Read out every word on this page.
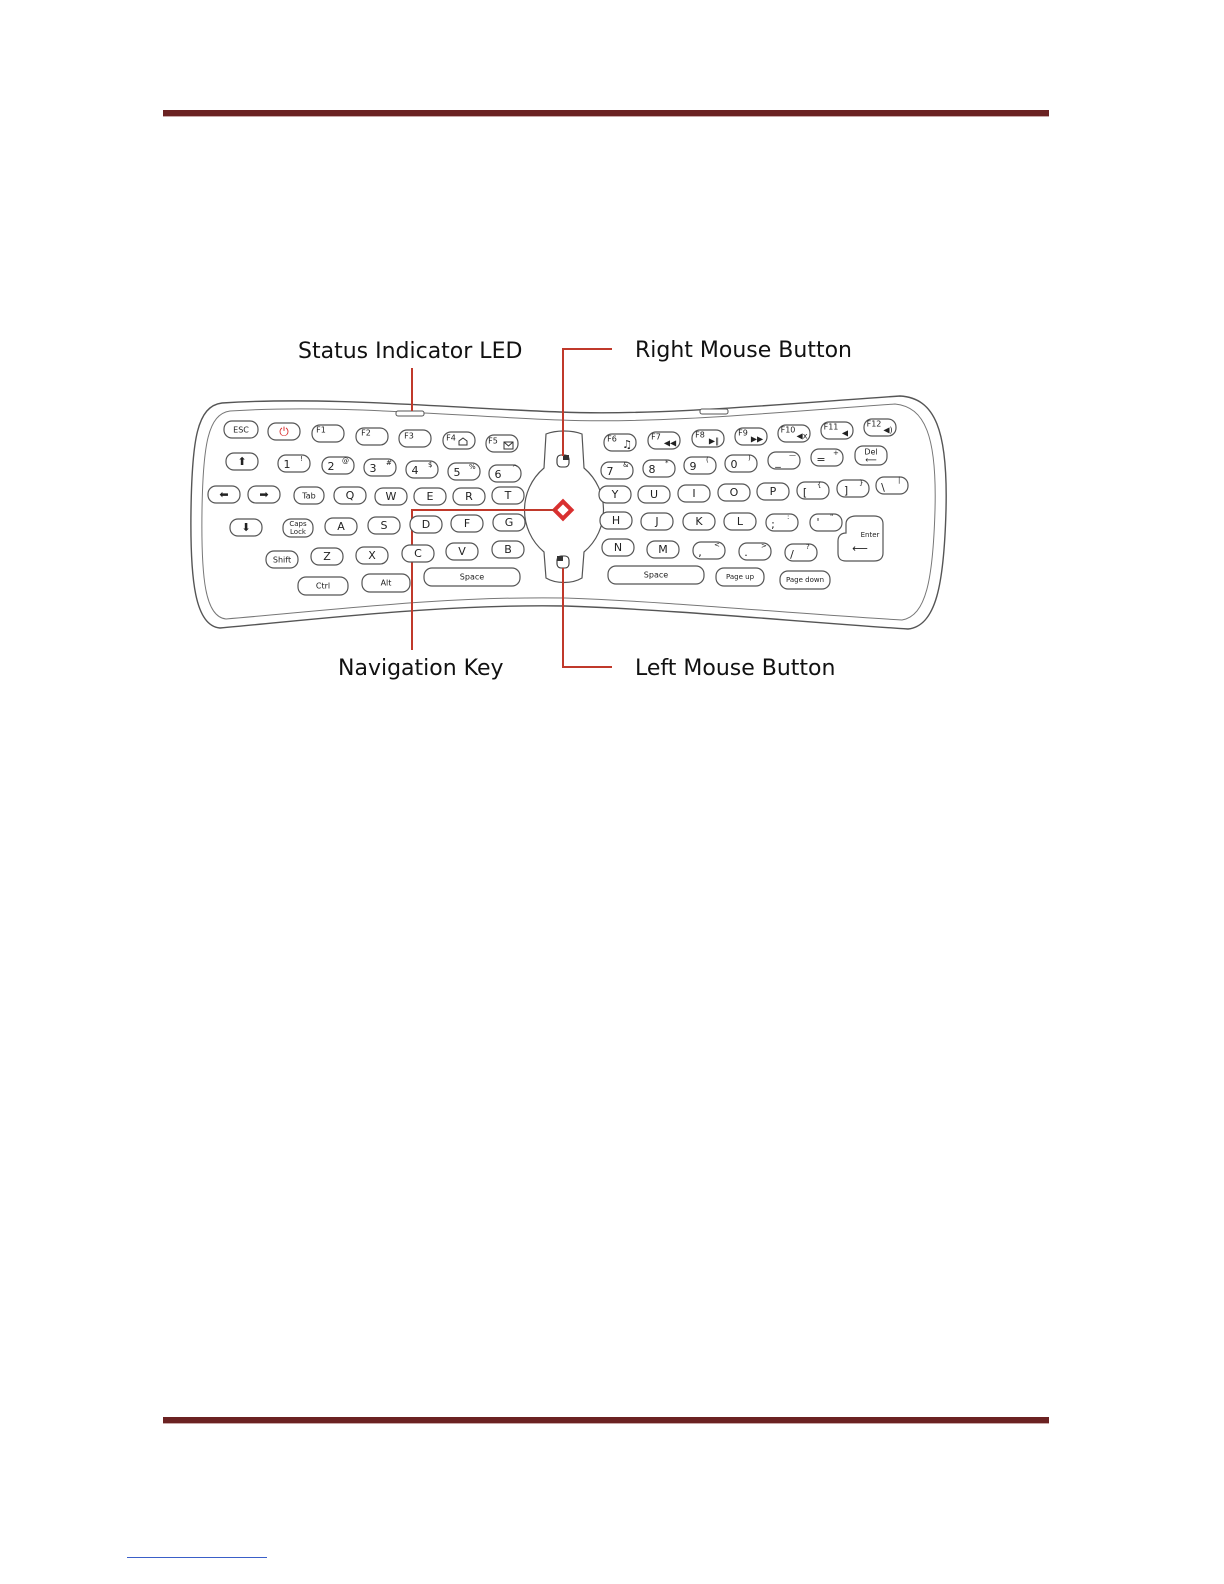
Status Indicator LED	Right Mouse Button
Navigation Key	Left Mouse Button
ESC	⏻	F1	F2	F3	F4	F5
⬆	1 !
2 @
3 #
4 $
5 %
6 ^
⬅	➡	Tab	Q	W	E	R	T
⬇	Caps
Lock	A	S	D	F	G
Shift	Z	X	C	V	B
Ctrl	Alt
Space
F6 ♫
F7
◀◀
F8
▶‖
F9
▶▶
F10
◀x
F11
◀
F12
◀)
7 & 8 * 9 ( 0 ) _ — = +	Del
⟵
Y	U	I	O	P [
{ ]
} \
|
H	J	K	L	;
: ' "
N	M	,
<
. >
/
?
Enter
⟵
Space	Page up	Page down
